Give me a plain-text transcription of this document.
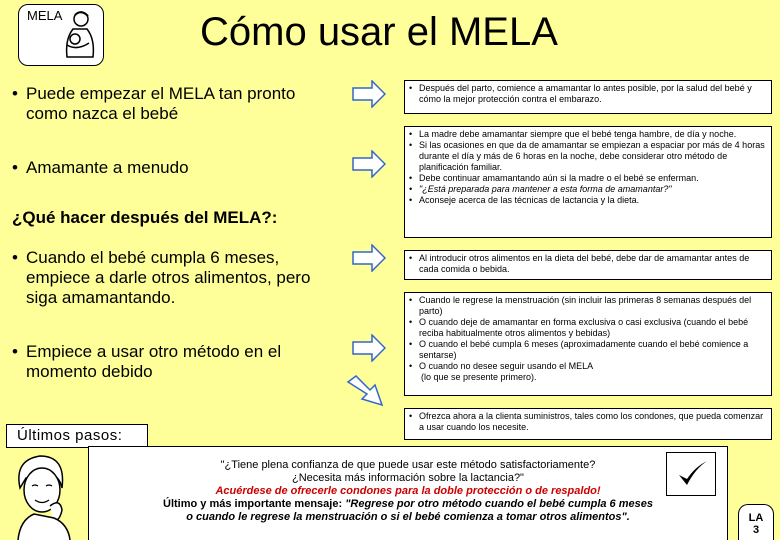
MELA	Cómo usar el MELA
• Puede empezar el MELA tan pronto como nazca el bebé
• Amamante a menudo
¿Qué hacer después del MELA?:
• Cuando el bebé cumpla 6 meses, empiece a darle otros alimentos, pero siga amamantando.
• Empiece a usar otro método en el momento debido
Últimos pasos:
• Después del parto, comience a amamantar lo antes posible, por la salud del bebé y cómo la mejor protección contra el embarazo.
• La madre debe amamantar siempre que el bebé tenga hambre, de día y noche.
• Si las ocasiones en que da de amamantar se empiezan a espaciar por más de 4 horas durante el día y más de 6 horas en la noche, debe considerar otro método de planificación familiar.
• Debe continuar amamantando aún si la madre o el bebé se enferman.
• "¿Está preparada para mantener a esta forma de amamantar?"
• Aconseje acerca de las técnicas de lactancia y la dieta.
• Al introducir otros alimentos en la dieta del bebé, debe dar de amamantar antes de cada comida o bebida.
• Cuando le regrese la menstruación (sin incluir las primeras 8 semanas después del parto)
• O cuando deje de amamantar en forma exclusiva o casi exclusiva (cuando el bebé reciba habitualmente otros alimentos y bebidas)
• O cuando el bebé cumpla 6 meses (aproximadamente cuando el bebé comience a sentarse)
• O cuando no desee seguir usando el MELA
(lo que se presente primero).
• Ofrezca ahora a la clienta suministros, tales como los condones, que pueda comenzar a usar cuando los necesite.
"¿Tiene plena confianza de que puede usar este método satisfactoriamente?
¿Necesita más información sobre la lactancia?"
Acuérdese de ofrecerle condones para la doble protección o de respaldo!
Último y más importante mensaje: "Regrese por otro método cuando el bebé cumpla 6 meses
o cuando le regrese la menstruación o si el bebé comienza a tomar otros alimentos".	LA
3
